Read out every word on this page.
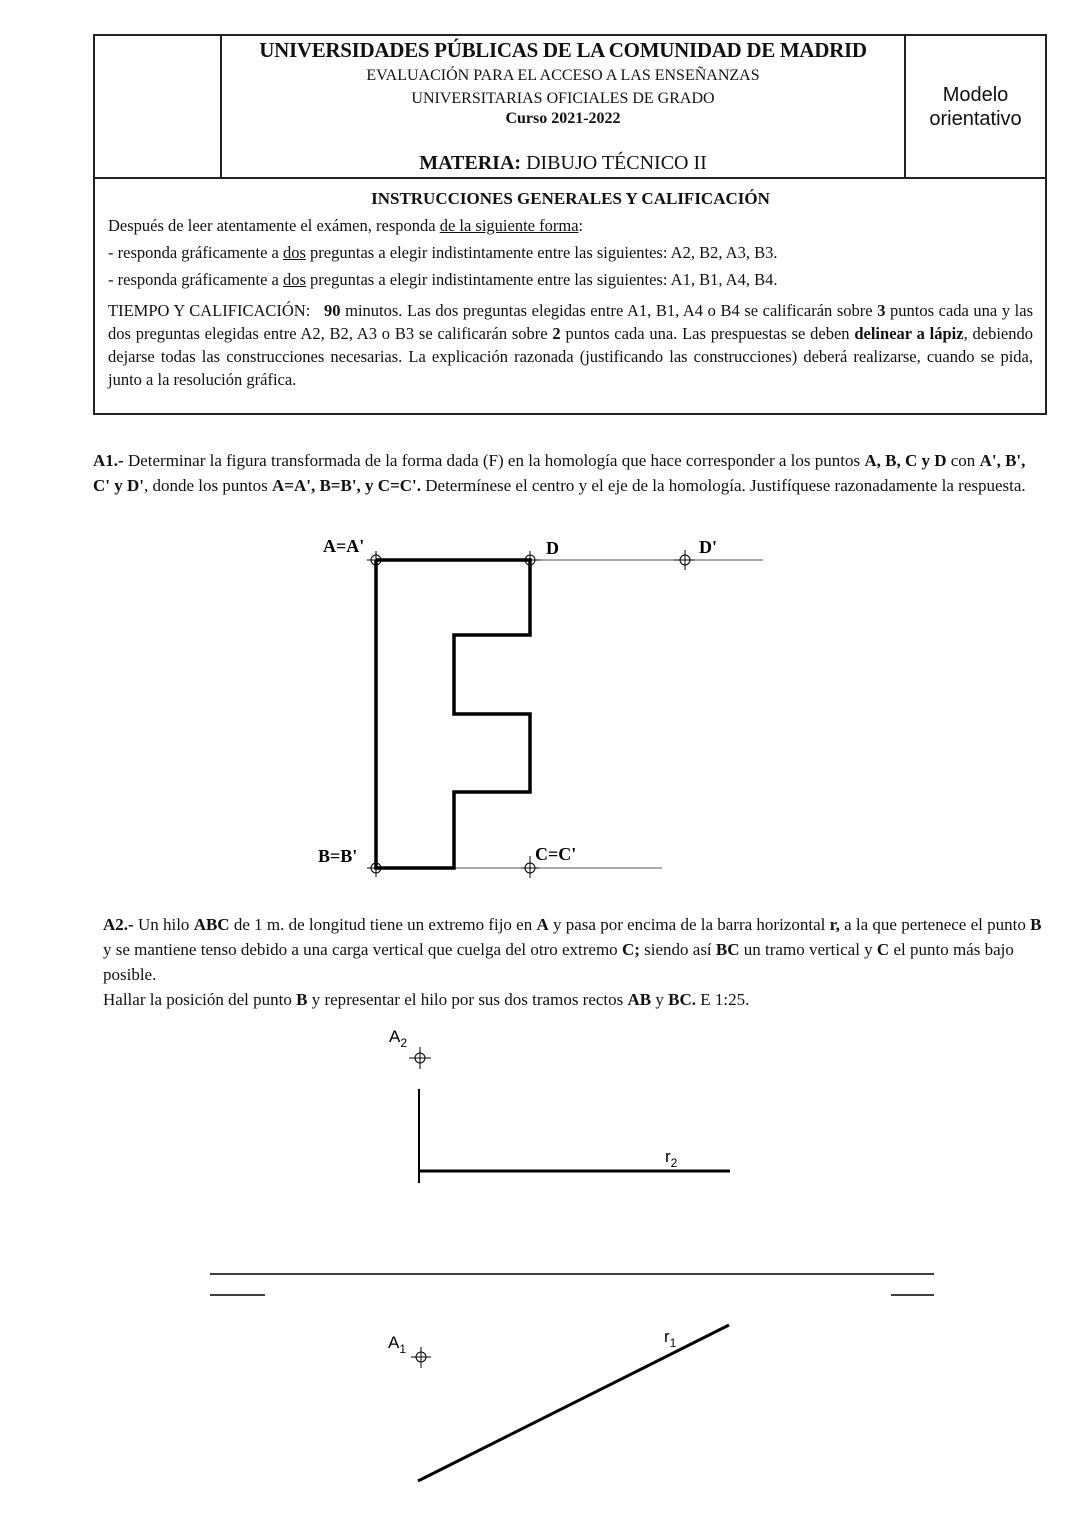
UNIVERSIDADES PÚBLICAS DE LA COMUNIDAD DE MADRID
EVALUACIÓN PARA EL ACCESO A LAS ENSEÑANZAS
UNIVERSITARIAS OFICIALES DE GRADO
Curso 2021-2022
MATERIA: DIBUJO TÉCNICO II
Modelo
orientativo
INSTRUCCIONES GENERALES Y CALIFICACIÓN
Después de leer atentamente el exámen, responda de la siguiente forma:
- responda gráficamente a dos preguntas a elegir indistintamente entre las siguientes: A2, B2, A3, B3.
- responda gráficamente a dos preguntas a elegir indistintamente entre las siguientes: A1, B1, A4, B4.
TIEMPO Y CALIFICACIÓN: 90 minutos. Las dos preguntas elegidas entre A1, B1, A4 o B4 se calificarán sobre 3 puntos cada una y las dos preguntas elegidas entre A2, B2, A3 o B3 se calificarán sobre 2 puntos cada una. Las prespuestas se deben delinear a lápiz, debiendo dejarse todas las construcciones necesarias. La explicación razonada (justificando las construcciones) deberá realizarse, cuando se pida, junto a la resolución gráfica.
A1.- Determinar la figura transformada de la forma dada (F) en la homología que hace corresponder a los puntos A, B, C y D con A', B', C' y D', donde los puntos A=A', B=B', y C=C'. Determínese el centro y el eje de la homología. Justifíquese razonadamente la respuesta.
A2.- Un hilo ABC de 1 m. de longitud tiene un extremo fijo en A y pasa por encima de la barra horizontal r, a la que pertenece el punto B y se mantiene tenso debido a una carga vertical que cuelga del otro extremo C; siendo así BC un tramo vertical y C el punto más bajo posible.
Hallar la posición del punto B y representar el hilo por sus dos tramos rectos AB y BC. E 1:25.
A=A'	D	D'
B=B'	C=C'
$A_2$
$r_2$
$A_1$
$r_1$
